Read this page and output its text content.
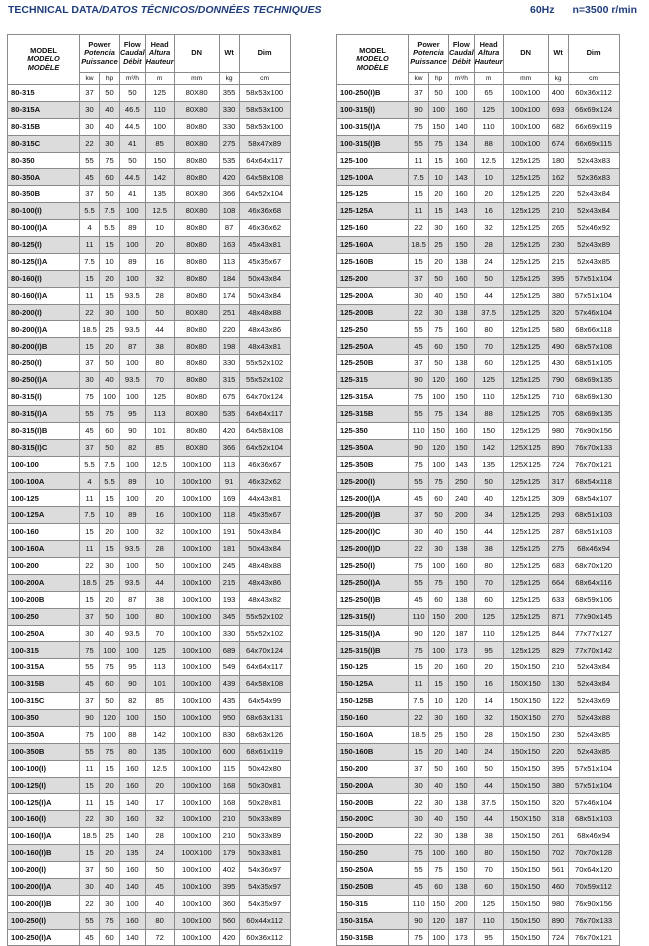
TECHNICAL DATA/DATOS TÉCNICOS/DONNÉES TECHNIQUES	60Hz n=3500 r/min
MODEL
MODELO
MODÈLE	Power
Potencia
Puissance		Flow
Caudal
Débit	Head
Altura
Hauteur	DN	Wt	Dim
	kw	hp	m³/h	m	mm	kg	cm
80-315	37	50	50	125	80X80	355	58x53x100
80-315A	30	40	46.5	110	80X80	330	58x53x100
80-315B	30	40	44.5	100	80x80	330	58x53x100
80-315C	22	30	41	85	80X80	275	58x47x89
80-350	55	75	50	150	80x80	535	64x64x117
80-350A	45	60	44.5	142	80x80	420	64x58x108
80-350B	37	50	41	135	80X80	366	64x52x104
80-100(I)	5.5	7.5	100	12.5	80X80	108	46x36x68
80-100(I)A	4	5.5	89	10	80x80	87	46x36x62
80-125(I)	11	15	100	20	80x80	163	45x43x81
80-125(I)A	7.5	10	89	16	80x80	113	45x35x67
80-160(I)	15	20	100	32	80x80	184	50x43x84
80-160(I)A	11	15	93.5	28	80x80	174	50x43x84
80-200(I)	22	30	100	50	80X80	251	48x48x88
80-200(I)A	18.5	25	93.5	44	80x80	220	48x43x86
80-200(I)B	15	20	87	38	80x80	198	48x43x81
80-250(I)	37	50	100	80	80x80	330	55x52x102
80-250(I)A	30	40	93.5	70	80x80	315	55x52x102
80-315(I)	75	100	100	125	80x80	675	64x70x124
80-315(I)A	55	75	95	113	80X80	535	64x64x117
80-315(I)B	45	60	90	101	80x80	420	64x58x108
80-315(I)C	37	50	82	85	80X80	366	64x52x104
100-100	5.5	7.5	100	12.5	100x100	113	46x36x67
100-100A	4	5.5	89	10	100x100	91	46x32x62
100-125	11	15	100	20	100x100	169	44x43x81
100-125A	7.5	10	89	16	100x100	118	45x35x67
100-160	15	20	100	32	100x100	191	50x43x84
100-160A	11	15	93.5	28	100x100	181	50x43x84
100-200	22	30	100	50	100x100	245	48x48x88
100-200A	18.5	25	93.5	44	100x100	215	48x43x86
100-200B	15	20	87	38	100x100	193	48x43x82
100-250	37	50	100	80	100x100	345	55x52x102
100-250A	30	40	93.5	70	100x100	330	55x52x102
100-315	75	100	100	125	100x100	689	64x70x124
100-315A	55	75	95	113	100x100	549	64x64x117
100-315B	45	60	90	101	100x100	439	64x58x108
100-315C	37	50	82	85	100x100	435	64x54x99
100-350	90	120	100	150	100x100	950	68x63x131
100-350A	75	100	88	142	100x100	830	68x63x126
100-350B	55	75	80	135	100x100	600	68x61x119
100-100(I)	11	15	160	12.5	100x100	115	50x42x80
100-125(I)	15	20	160	20	100x100	168	50x30x81
100-125(I)A	11	15	140	17	100x100	168	50x28x81
100-160(I)	22	30	160	32	100x100	210	50x33x89
100-160(I)A	18.5	25	140	28	100x100	210	50x33x89
100-160(I)B	15	20	135	24	100X100	179	50x33x81
100-200(I)	37	50	160	50	100x100	402	54x36x97
100-200(I)A	30	40	140	45	100x100	395	54x35x97
100-200(I)B	22	30	100	40	100x100	360	54x35x97
100-250(I)	55	75	160	80	100x100	560	60x44x112
100-250(I)A	45	60	140	72	100x100	420	60x36x112
MODEL
MODELO
MODÈLE	Power
Potencia
Puissance		Flow
Caudal
Débit	Head
Altura
Hauteur	DN	Wt	Dim
	kw	hp	m³/h	m	mm	kg	cm
100-250(I)B	37	50	100	65	100x100	400	60x36x112
100-315(I)	90	100	160	125	100x100	693	66x69x124
100-315(I)A	75	150	140	110	100x100	682	66x69x119
100-315(I)B	55	75	134	88	100x100	674	66x69x115
125-100	11	15	160	12.5	125x125	180	52x43x83
125-100A	7.5	10	143	10	125x125	162	52x36x83
125-125	15	20	160	20	125x125	220	52x43x84
125-125A	11	15	143	16	125x125	210	52x43x84
125-160	22	30	160	32	125x125	265	52x46x92
125-160A	18.5	25	150	28	125x125	230	52x43x89
125-160B	15	20	138	24	125x125	215	52x43x85
125-200	37	50	160	50	125x125	395	57x51x104
125-200A	30	40	150	44	125x125	380	57x51x104
125-200B	22	30	138	37.5	125x125	320	57x46x104
125-250	55	75	160	80	125x125	580	68x66x118
125-250A	45	60	150	70	125x125	490	68x57x108
125-250B	37	50	138	60	125x125	430	68x51x105
125-315	90	120	160	125	125x125	790	68x69x135
125-315A	75	100	150	110	125x125	710	68x69x130
125-315B	55	75	134	88	125x125	705	68x69x135
125-350	110	150	160	150	125x125	980	76x90x156
125-350A	90	120	150	142	125X125	890	76x70x133
125-350B	75	100	143	135	125X125	724	76x70x121
125-200(I)	55	75	250	50	125x125	317	68x54x118
125-200(I)A	45	60	240	40	125x125	309	68x54x107
125-200(I)B	37	50	200	34	125x125	293	68x51x103
125-200(I)C	30	40	150	44	125x125	287	68x51x103
125-200(I)D	22	30	138	38	125x125	275	68x46x94
125-250(I)	75	100	160	80	125x125	683	68x70x120
125-250(I)A	55	75	150	70	125x125	664	68x64x116
125-250(I)B	45	60	138	60	125x125	633	68x59x106
125-315(I)	110	150	200	125	125x125	871	77x90x145
125-315(I)A	90	120	187	110	125x125	844	77x77x127
125-315(I)B	75	100	173	95	125x125	829	77x70x142
150-125	15	20	160	20	150x150	210	52x43x84
150-125A	11	15	150	16	150X150	130	52x43x84
150-125B	7.5	10	120	14	150X150	122	52x43x69
150-160	22	30	160	32	150X150	270	52x43x88
150-160A	18.5	25	150	28	150x150	230	52x43x85
150-160B	15	20	140	24	150x150	220	52x43x85
150-200	37	50	160	50	150x150	395	57x51x104
150-200A	30	40	150	44	150x150	380	57x51x104
150-200B	22	30	138	37.5	150x150	320	57x46x104
150-200C	30	40	150	44	150X150	318	68x51x103
150-200D	22	30	138	38	150x150	261	68x46x94
150-250	75	100	160	80	150x150	702	70x70x128
150-250A	55	75	150	70	150x150	561	70x64x120
150-250B	45	60	138	60	150x150	460	70x59x112
150-315	110	150	200	125	150x150	980	76x90x156
150-315A	90	120	187	110	150x150	890	76x70x133
150-315B	75	100	173	95	150x150	724	76x70x121
